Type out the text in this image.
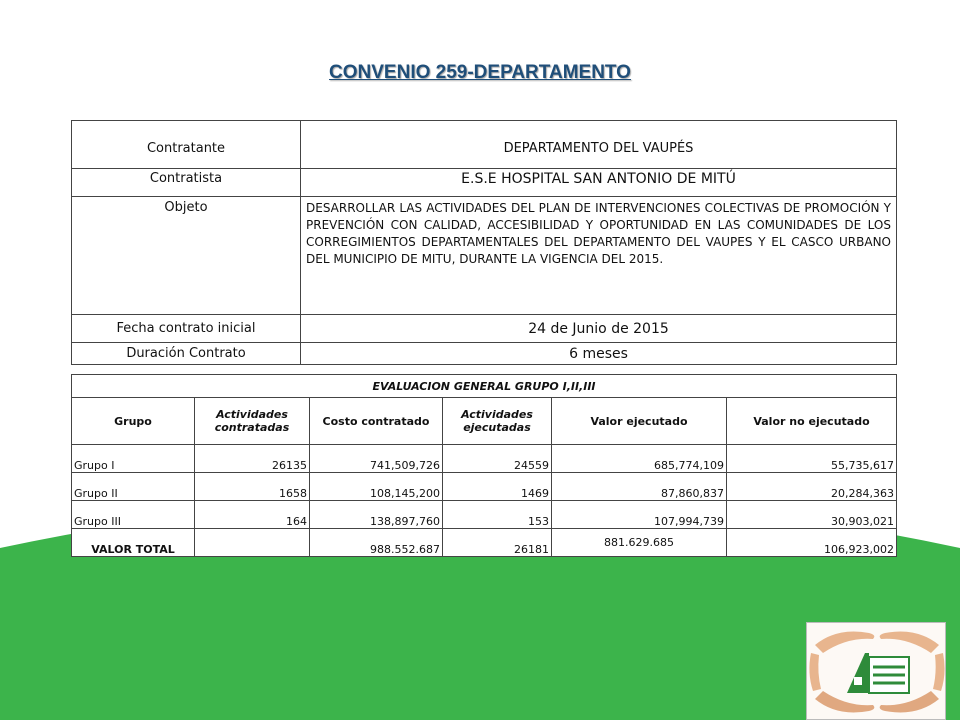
CONVENIO 259-DEPARTAMENTO
Contratante	DEPARTAMENTO DEL VAUPÉS
Contratista	E.S.E HOSPITAL SAN ANTONIO DE MITÚ
Objeto	DESARROLLAR LAS ACTIVIDADES DEL PLAN DE INTERVENCIONES COLECTIVAS DE PROMOCIÓN Y PREVENCIÓN CON CALIDAD, ACCESIBILIDAD Y OPORTUNIDAD EN LAS COMUNIDADES DE LOS CORREGIMIENTOS DEPARTAMENTALES DEL DEPARTAMENTO DEL VAUPES Y EL CASCO URBANO DEL MUNICIPIO DE MITU, DURANTE LA VIGENCIA DEL 2015.
Fecha contrato inicial	24 de Junio de 2015
Duración Contrato	6 meses
EVALUACION GENERAL GRUPO I,II,III					
Grupo	Actividades contratadas	Costo contratado	Actividades ejecutadas	Valor ejecutado	Valor no ejecutado
Grupo I	26135	741,509,726	24559	685,774,109	55,735,617
Grupo II	1658	108,145,200	1469	87,860,837	20,284,363
Grupo III	164	138,897,760	153	107,994,739	30,903,021
VALOR TOTAL		988.552.687	26181	881.629.685	106,923,002
